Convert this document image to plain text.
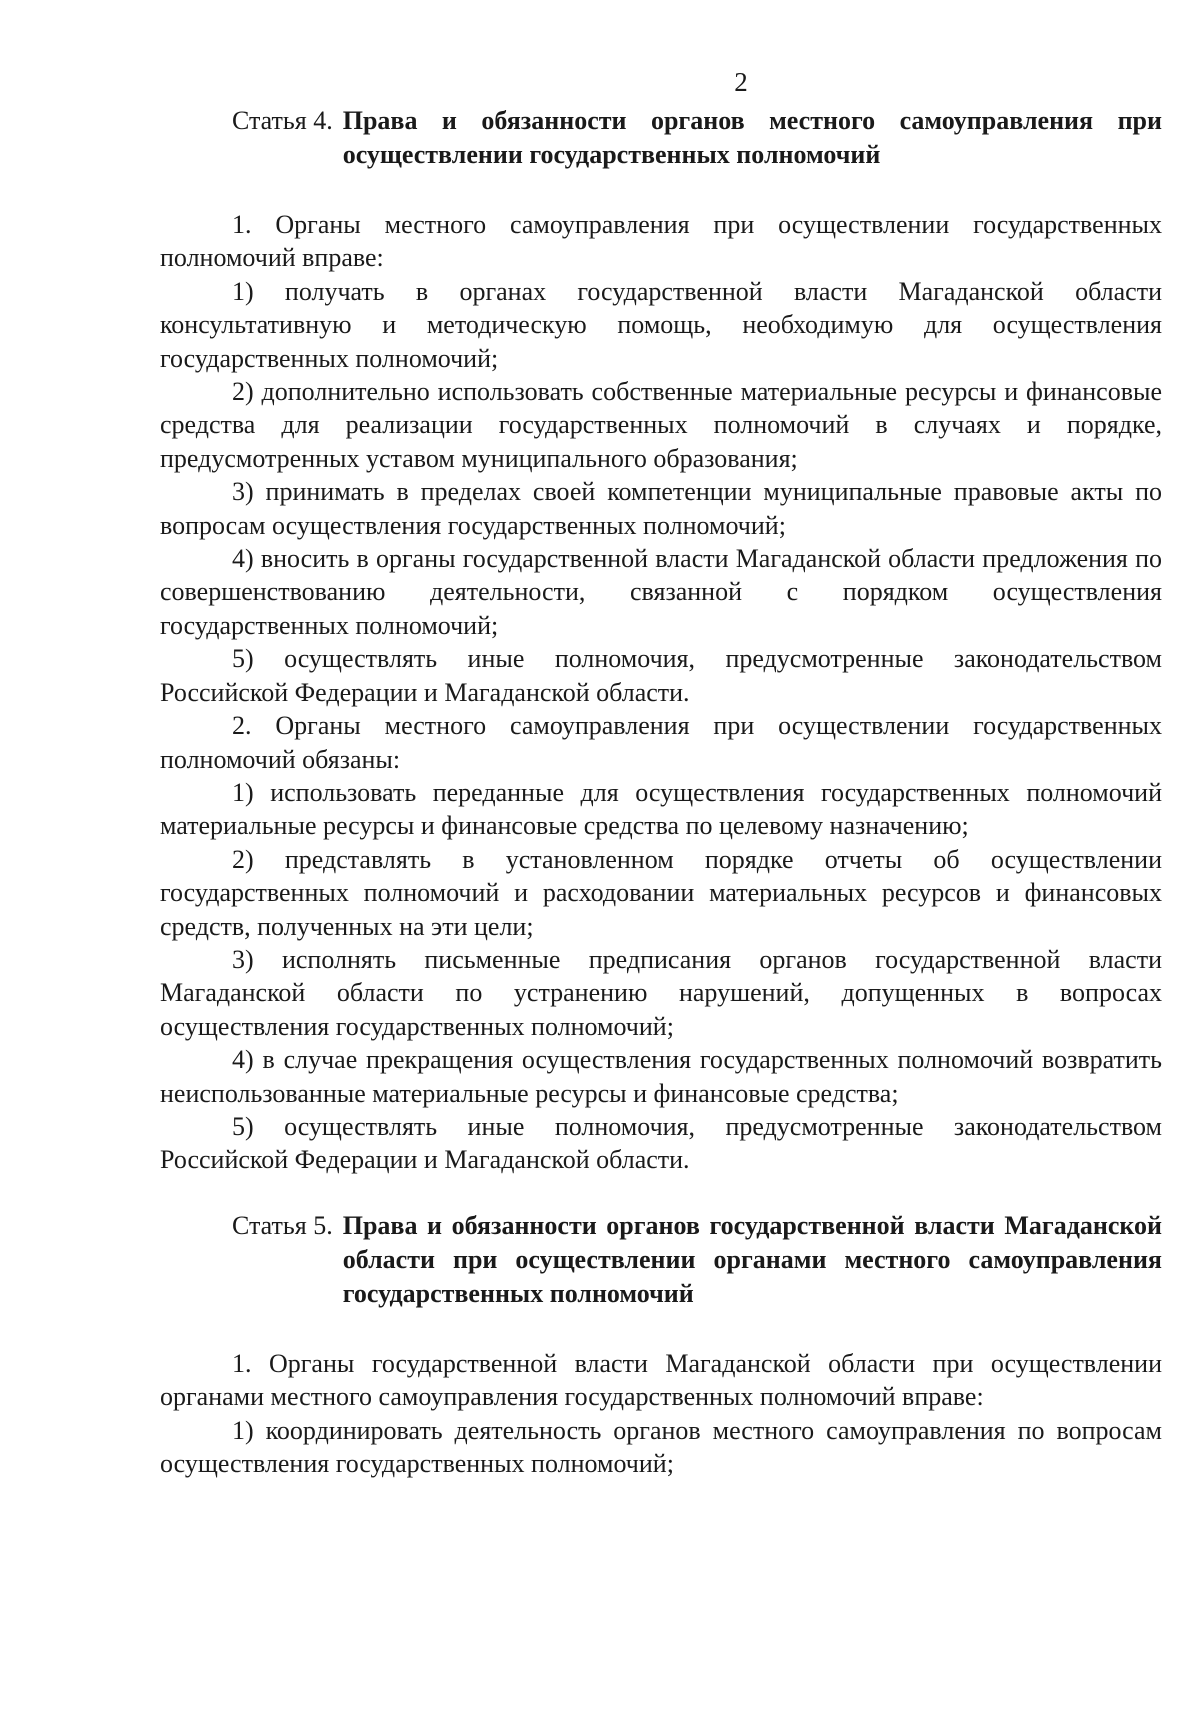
2
Статья 4. Права и обязанности органов местного самоуправления при осуществлении государственных полномочий

1. Органы местного самоуправления при осуществлении государственных полномочий вправе:

1) получать в органах государственной власти Магаданской области консультативную и методическую помощь, необходимую для осуществления государственных полномочий;

2) дополнительно использовать собственные материальные ресурсы и финансовые средства для реализации государственных полномочий в случаях и порядке, предусмотренных уставом муниципального образования;

3) принимать в пределах своей компетенции муниципальные правовые акты по вопросам осуществления государственных полномочий;

4) вносить в органы государственной власти Магаданской области предложения по совершенствованию деятельности, связанной с порядком осуществления государственных полномочий;

5) осуществлять иные полномочия, предусмотренные законодательством Российской Федерации и Магаданской области.

2. Органы местного самоуправления при осуществлении государственных полномочий обязаны:

1) использовать переданные для осуществления государственных полномочий материальные ресурсы и финансовые средства по целевому назначению;

2) представлять в установленном порядке отчеты об осуществлении государственных полномочий и расходовании материальных ресурсов и финансовых средств, полученных на эти цели;

3) исполнять письменные предписания органов государственной власти Магаданской области по устранению нарушений, допущенных в вопросах осуществления государственных полномочий;

4) в случае прекращения осуществления государственных полномочий возвратить неиспользованные материальные ресурсы и финансовые средства;

5) осуществлять иные полномочия, предусмотренные законодательством Российской Федерации и Магаданской области.

Статья 5. Права и обязанности органов государственной власти Магаданской области при осуществлении органами местного самоуправления государственных полномочий

1. Органы государственной власти Магаданской области при осуществлении органами местного самоуправления государственных полномочий вправе:

1) координировать деятельность органов местного самоуправления по вопросам осуществления государственных полномочий;
